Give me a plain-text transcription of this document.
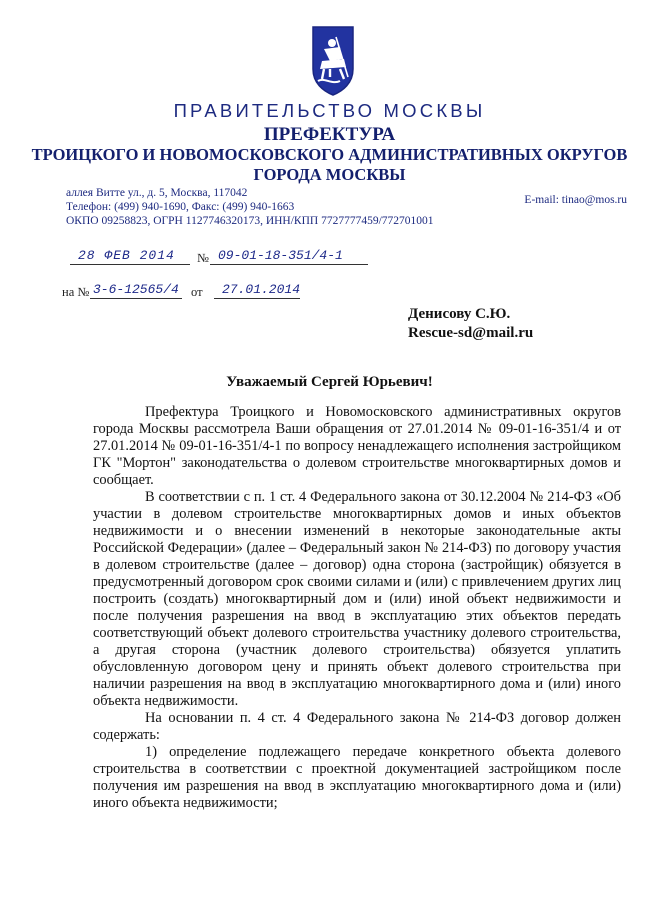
ПРАВИТЕЛЬСТВО МОСКВЫ
ПРЕФЕКТУРА
ТРОИЦКОГО И НОВОМОСКОВСКОГО АДМИНИСТРАТИВНЫХ ОКРУГОВ
ГОРОДА МОСКВЫ
аллея Витте ул., д. 5, Москва, 117042
Телефон: (499) 940-1690, Факс: (499) 940-1663
ОКПО 09258823, ОГРН 1127746320173, ИНН/КПП 7727777459/772701001
E-mail: tinao@mos.ru
28 ФЕВ 2014 № 09-01-18-351/4-1
на № 3-6-12565/4 от 27.01.2014
Денисову С.Ю.
Rescue-sd@mail.ru
Уважаемый Сергей Юрьевич!

Префектура Троицкого и Новомосковского административных округов города Москвы рассмотрела Ваши обращения от 27.01.2014 № 09-01-16-351/4 и от 27.01.2014 № 09-01-16-351/4-1 по вопросу ненадлежащего исполнения застройщиком ГК "Мортон" законодательства о долевом строительстве многоквартирных домов и сообщает.

В соответствии с п. 1 ст. 4 Федерального закона от 30.12.2004 № 214-ФЗ «Об участии в долевом строительстве многоквартирных домов и иных объектов недвижимости и о внесении изменений в некоторые законодательные акты Российской Федерации» (далее – Федеральный закон № 214-ФЗ) по договору участия в долевом строительстве (далее – договор) одна сторона (застройщик) обязуется в предусмотренный договором срок своими силами и (или) с привлечением других лиц построить (создать) многоквартирный дом и (или) иной объект недвижимости и после получения разрешения на ввод в эксплуатацию этих объектов передать соответствующий объект долевого строительства участнику долевого строительства, а другая сторона (участник долевого строительства) обязуется уплатить обусловленную договором цену и принять объект долевого строительства при наличии разрешения на ввод в эксплуатацию многоквартирного дома и (или) иного объекта недвижимости.

На основании п. 4 ст. 4 Федерального закона № 214-ФЗ договор должен содержать:

1) определение подлежащего передаче конкретного объекта долевого строительства в соответствии с проектной документацией застройщиком после получения им разрешения на ввод в эксплуатацию многоквартирного дома и (или) иного объекта недвижимости;
